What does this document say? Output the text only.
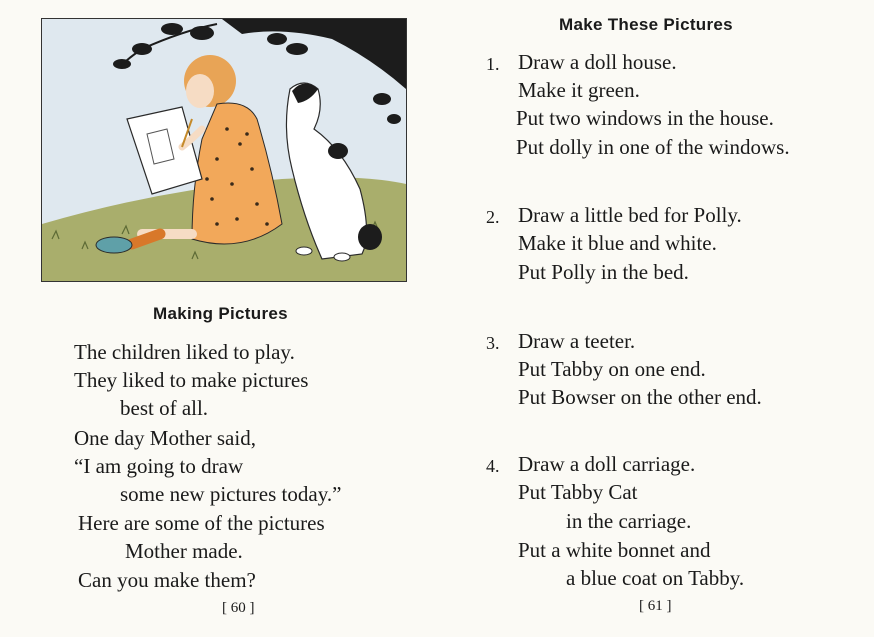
Making Pictures
The children liked to play.
They liked to make pictures
best of all.
One day Mother said,
“I am going to draw
some new pictures today.”
Here are some of the pictures
Mother made.
Can you make them?
[ 60 ]
Make These Pictures
1. Draw a doll house.
Make it green.
Put two windows in the house.
Put dolly in one of the windows.
2. Draw a little bed for Polly.
Make it blue and white.
Put Polly in the bed.
3. Draw a teeter.
Put Tabby on one end.
Put Bowser on the other end.
4. Draw a doll carriage.
Put Tabby Cat
in the carriage.
Put a white bonnet and
a blue coat on Tabby.
[ 61 ]
